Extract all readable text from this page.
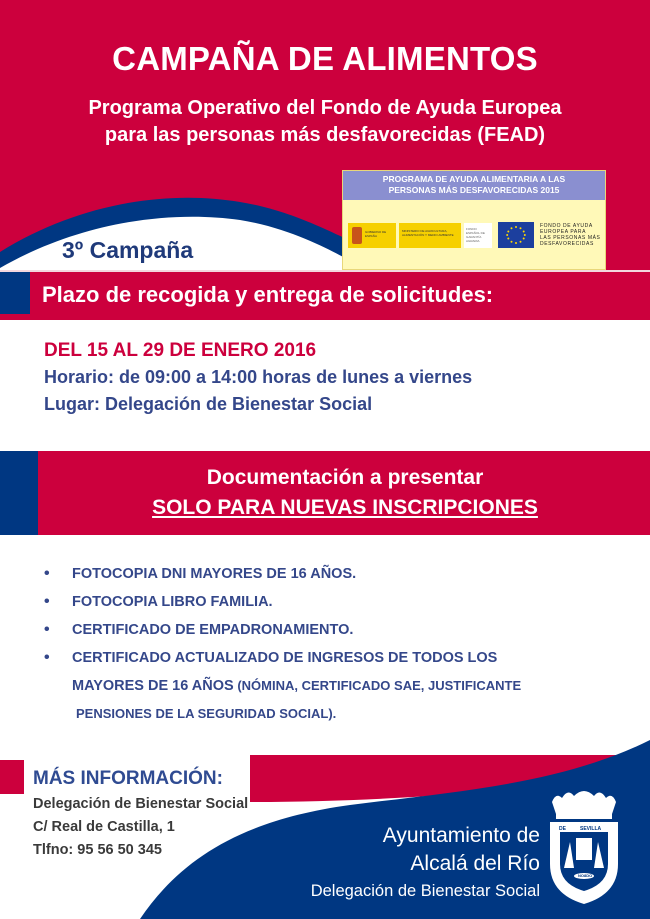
CAMPAÑA DE ALIMENTOS
Programa Operativo del Fondo de Ayuda Europea
para las personas más desfavorecidas (FEAD)
3º Campaña
PROGRAMA DE AYUDA ALIMENTARIA A LAS
PERSONAS MÁS DESFAVORECIDAS 2015
GOBIERNO DE ESPAÑA
MINISTERIO DE AGRICULTURA, ALIMENTACIÓN Y MEDIO AMBIENTE
FONDO ESPAÑOL DE GARANTÍA AGRARIA
FONDO DE AYUDA
EUROPEA PARA
LAS PERSONAS MÁS
DESFAVORECIDAS
Plazo de recogida y entrega de solicitudes:
DEL 15 AL 29 DE ENERO 2016
Horario: de 09:00 a 14:00 horas de lunes a viernes
Lugar: Delegación de Bienestar Social
Documentación a presentar
SOLO PARA NUEVAS INSCRIPCIONES
• FOTOCOPIA DNI MAYORES DE 16 AÑOS.
• FOTOCOPIA LIBRO FAMILIA.
• CERTIFICADO DE EMPADRONAMIENTO.
• CERTIFICADO ACTUALIZADO DE INGRESOS DE TODOS LOS
MAYORES DE 16 AÑOS (NÓMINA, CERTIFICADO SAE, JUSTIFICANTE
PENSIONES DE LA SEGURIDAD SOCIAL).
MÁS INFORMACIÓN:
Delegación de Bienestar Social
C/ Real de Castilla, 1
Tlfno: 95 56 50 345
Ayuntamiento de
Alcalá del Río
Delegación de Bienestar Social
DE	SEVILLA
NO8DO
